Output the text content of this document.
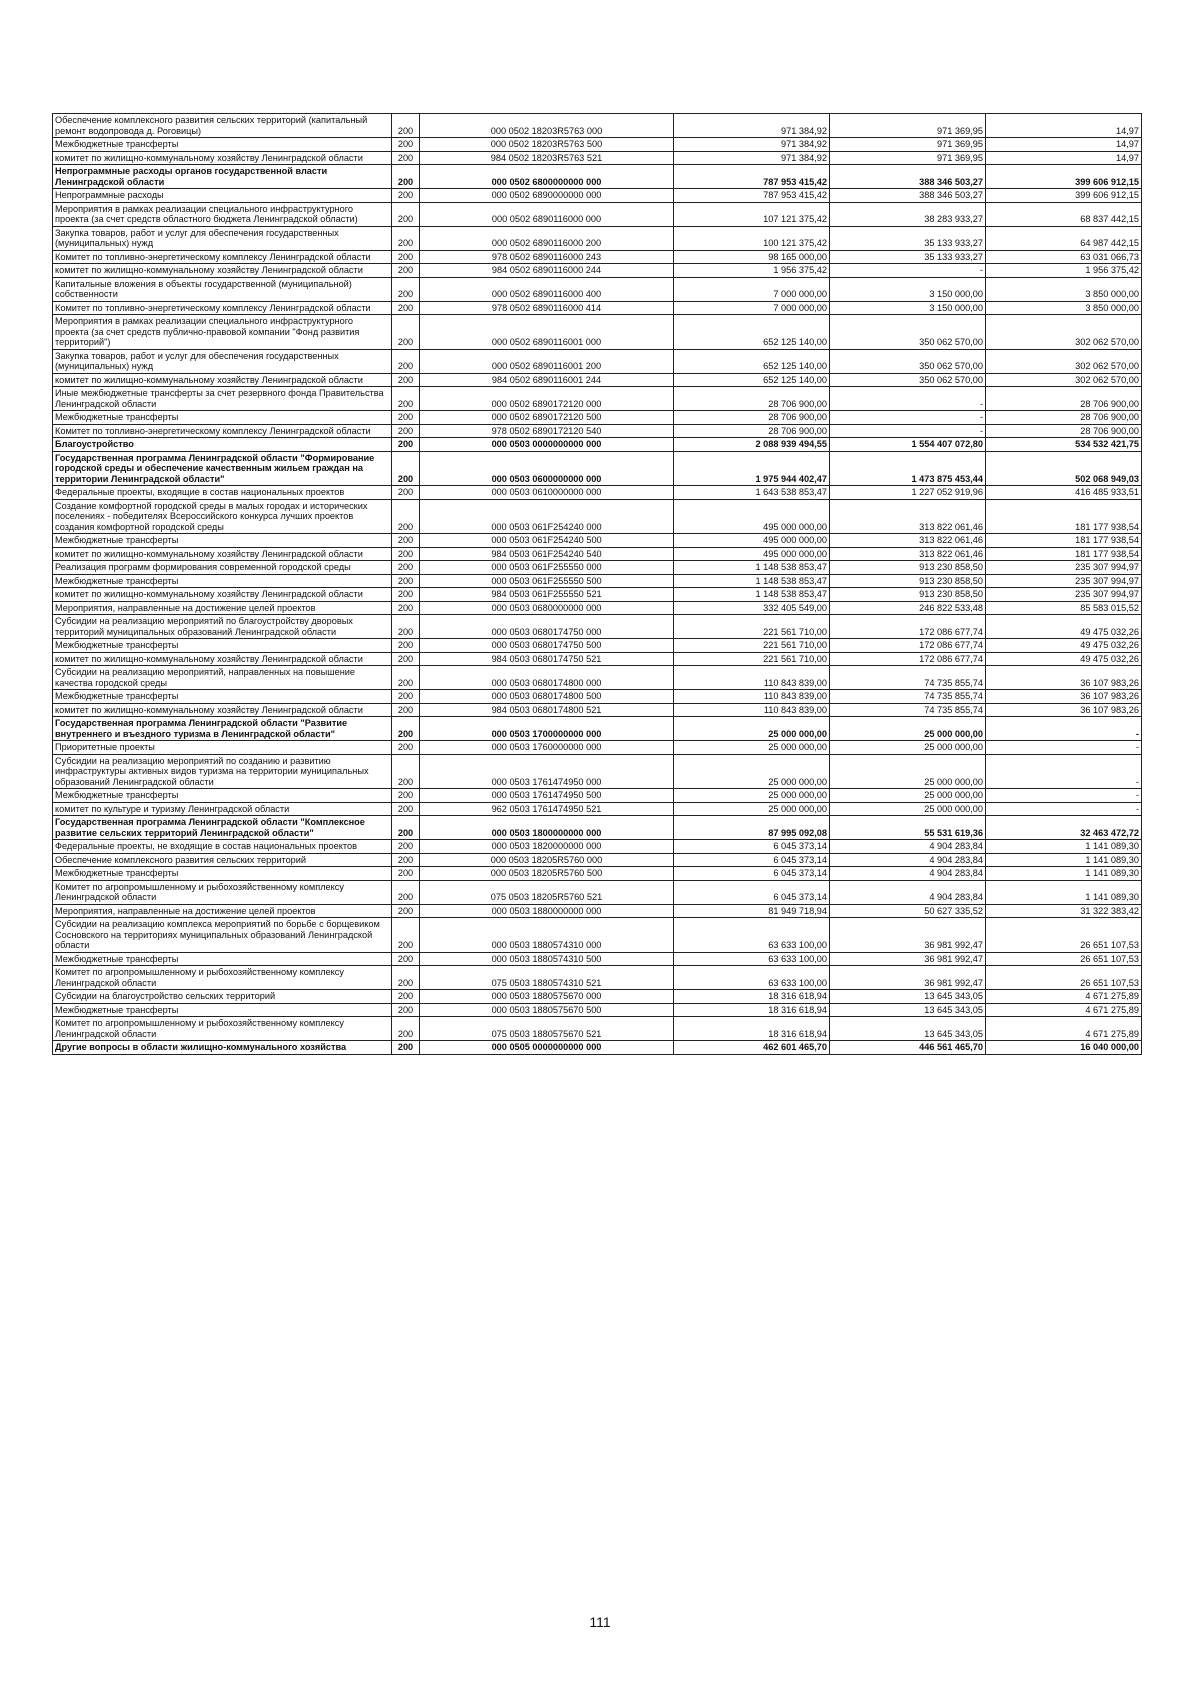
Обеспечение комплексного развития сельских территорий (капитальный ремонт водопровода д. Роговицы)	200	000 0502 18203R5763 000	971 384,92	971 369,95	14,97
Межбюджетные трансферты	200	000 0502 18203R5763 500	971 384,92	971 369,95	14,97
комитет по жилищно-коммунальному хозяйству Ленинградской области	200	984 0502 18203R5763 521	971 384,92	971 369,95	14,97
Непрограммные расходы органов государственной власти Ленинградской области	200	000 0502 6800000000 000	787 953 415,42	388 346 503,27	399 606 912,15
Непрограммные расходы	200	000 0502 6890000000 000	787 953 415,42	388 346 503,27	399 606 912,15
Мероприятия в рамках реализации специального инфраструктурного проекта (за счет средств областного бюджета Ленинградской области)	200	000 0502 6890116000 000	107 121 375,42	38 283 933,27	68 837 442,15
Закупка товаров, работ и услуг для обеспечения государственных (муниципальных) нужд	200	000 0502 6890116000 200	100 121 375,42	35 133 933,27	64 987 442,15
Комитет по топливно-энергетическому комплексу Ленинградской области	200	978 0502 6890116000 243	98 165 000,00	35 133 933,27	63 031 066,73
комитет по жилищно-коммунальному хозяйству Ленинградской области	200	984 0502 6890116000 244	1 956 375,42	-	1 956 375,42
Капитальные вложения в объекты государственной (муниципальной) собственности	200	000 0502 6890116000 400	7 000 000,00	3 150 000,00	3 850 000,00
Комитет по топливно-энергетическому комплексу Ленинградской области	200	978 0502 6890116000 414	7 000 000,00	3 150 000,00	3 850 000,00
Мероприятия в рамках реализации специального инфраструктурного проекта (за счет средств публично-правовой компании "Фонд развития территорий")	200	000 0502 6890116001 000	652 125 140,00	350 062 570,00	302 062 570,00
Закупка товаров, работ и услуг для обеспечения государственных (муниципальных) нужд	200	000 0502 6890116001 200	652 125 140,00	350 062 570,00	302 062 570,00
комитет по жилищно-коммунальному хозяйству Ленинградской области	200	984 0502 6890116001 244	652 125 140,00	350 062 570,00	302 062 570,00
Иные межбюджетные трансферты за счет резервного фонда Правительства Ленинградской области	200	000 0502 6890172120 000	28 706 900,00	-	28 706 900,00
Межбюджетные трансферты	200	000 0502 6890172120 500	28 706 900,00	-	28 706 900,00
Комитет по топливно-энергетическому комплексу Ленинградской области	200	978 0502 6890172120 540	28 706 900,00	-	28 706 900,00
Благоустройство	200	000 0503 0000000000 000	2 088 939 494,55	1 554 407 072,80	534 532 421,75
Государственная программа Ленинградской области "Формирование городской среды и обеспечение качественным жильем граждан на территории Ленинградской области"	200	000 0503 0600000000 000	1 975 944 402,47	1 473 875 453,44	502 068 949,03
Федеральные проекты, входящие в состав национальных проектов	200	000 0503 0610000000 000	1 643 538 853,47	1 227 052 919,96	416 485 933,51
Создание комфортной городской среды в малых городах и исторических поселениях - победителях Всероссийского конкурса лучших проектов создания комфортной городской среды	200	000 0503 061F254240 000	495 000 000,00	313 822 061,46	181 177 938,54
Межбюджетные трансферты	200	000 0503 061F254240 500	495 000 000,00	313 822 061,46	181 177 938,54
комитет по жилищно-коммунальному хозяйству Ленинградской области	200	984 0503 061F254240 540	495 000 000,00	313 822 061,46	181 177 938,54
Реализация программ формирования современной городской среды	200	000 0503 061F255550 000	1 148 538 853,47	913 230 858,50	235 307 994,97
Межбюджетные трансферты	200	000 0503 061F255550 500	1 148 538 853,47	913 230 858,50	235 307 994,97
комитет по жилищно-коммунальному хозяйству Ленинградской области	200	984 0503 061F255550 521	1 148 538 853,47	913 230 858,50	235 307 994,97
Мероприятия, направленные на достижение целей проектов	200	000 0503 0680000000 000	332 405 549,00	246 822 533,48	85 583 015,52
Субсидии на реализацию мероприятий по благоустройству дворовых территорий муниципальных образований Ленинградской области	200	000 0503 0680174750 000	221 561 710,00	172 086 677,74	49 475 032,26
Межбюджетные трансферты	200	000 0503 0680174750 500	221 561 710,00	172 086 677,74	49 475 032,26
комитет по жилищно-коммунальному хозяйству Ленинградской области	200	984 0503 0680174750 521	221 561 710,00	172 086 677,74	49 475 032,26
Субсидии на реализацию мероприятий, направленных на повышение качества городской среды	200	000 0503 0680174800 000	110 843 839,00	74 735 855,74	36 107 983,26
Межбюджетные трансферты	200	000 0503 0680174800 500	110 843 839,00	74 735 855,74	36 107 983,26
комитет по жилищно-коммунальному хозяйству Ленинградской области	200	984 0503 0680174800 521	110 843 839,00	74 735 855,74	36 107 983,26
Государственная программа Ленинградской области "Развитие внутреннего и въездного туризма в Ленинградской области"	200	000 0503 1700000000 000	25 000 000,00	25 000 000,00	-
Приоритетные проекты	200	000 0503 1760000000 000	25 000 000,00	25 000 000,00	-
Субсидии на реализацию мероприятий по созданию и развитию инфраструктуры активных видов туризма на территории муниципальных образований Ленинградской области	200	000 0503 1761474950 000	25 000 000,00	25 000 000,00	-
Межбюджетные трансферты	200	000 0503 1761474950 500	25 000 000,00	25 000 000,00	-
комитет по культуре и туризму Ленинградской области	200	962 0503 1761474950 521	25 000 000,00	25 000 000,00	-
Государственная программа Ленинградской области "Комплексное развитие сельских территорий Ленинградской области"	200	000 0503 1800000000 000	87 995 092,08	55 531 619,36	32 463 472,72
Федеральные проекты, не входящие в состав национальных проектов	200	000 0503 1820000000 000	6 045 373,14	4 904 283,84	1 141 089,30
Обеспечение комплексного развития сельских территорий	200	000 0503 18205R5760 000	6 045 373,14	4 904 283,84	1 141 089,30
Межбюджетные трансферты	200	000 0503 18205R5760 500	6 045 373,14	4 904 283,84	1 141 089,30
Комитет по агропромышленному и рыбохозяйственному комплексу Ленинградской области	200	075 0503 18205R5760 521	6 045 373,14	4 904 283,84	1 141 089,30
Мероприятия, направленные на достижение целей проектов	200	000 0503 1880000000 000	81 949 718,94	50 627 335,52	31 322 383,42
Субсидии на реализацию комплекса мероприятий по борьбе с борщевиком Сосновского на территориях муниципальных образований Ленинградской области	200	000 0503 1880574310 000	63 633 100,00	36 981 992,47	26 651 107,53
Межбюджетные трансферты	200	000 0503 1880574310 500	63 633 100,00	36 981 992,47	26 651 107,53
Комитет по агропромышленному и рыбохозяйственному комплексу Ленинградской области	200	075 0503 1880574310 521	63 633 100,00	36 981 992,47	26 651 107,53
Субсидии на благоустройство сельских территорий	200	000 0503 1880575670 000	18 316 618,94	13 645 343,05	4 671 275,89
Межбюджетные трансферты	200	000 0503 1880575670 500	18 316 618,94	13 645 343,05	4 671 275,89
Комитет по агропромышленному и рыбохозяйственному комплексу Ленинградской области	200	075 0503 1880575670 521	18 316 618,94	13 645 343,05	4 671 275,89
Другие вопросы в области жилищно-коммунального хозяйства	200	000 0505 0000000000 000	462 601 465,70	446 561 465,70	16 040 000,00
111
